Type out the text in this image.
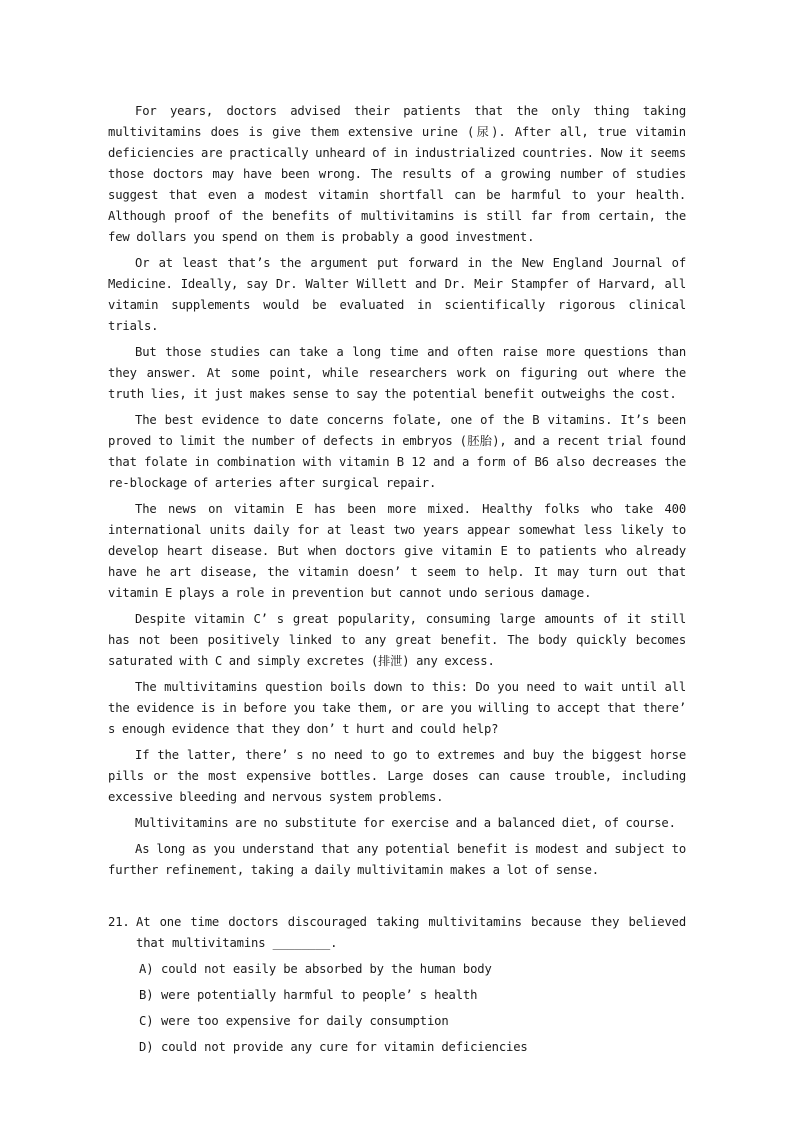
For years, doctors advised their patients that the only thing taking multivitamins does is give them extensive urine (尿). After all, true vitamin deficiencies are practically unheard of in industrialized countries. Now it seems those doctors may have been wrong. The results of a growing number of studies suggest that even a modest vitamin shortfall can be harmful to your health. Although proof of the benefits of multivitamins is still far from certain, the few dollars you spend on them is probably a good investment.

Or at least that’s the argument put forward in the New England Journal of Medicine. Ideally, say Dr. Walter Willett and Dr. Meir Stampfer of Harvard, all vitamin supplements would be evaluated in scientifically rigorous clinical trials.

But those studies can take a long time and often raise more questions than they answer. At some point, while researchers work on figuring out where the truth lies, it just makes sense to say the potential benefit outweighs the cost.

The best evidence to date concerns folate, one of the B vitamins. It’s been proved to limit the number of defects in embryos (胚胎), and a recent trial found that folate in combination with vitamin B 12 and a form of B6 also decreases the re-blockage of arteries after surgical repair.

The news on vitamin E has been more mixed. Healthy folks who take 400 international units daily for at least two years appear somewhat less likely to develop heart disease. But when doctors give vitamin E to patients who already have he art disease, the vitamin doesn’ t seem to help. It may turn out that vitamin E plays a role in prevention but cannot undo serious damage.

Despite vitamin C’ s great popularity, consuming large amounts of it still has not been positively linked to any great benefit. The body quickly becomes saturated with C and simply excretes (排泄) any excess.

The multivitamins question boils down to this: Do you need to wait until all the evidence is in before you take them, or are you willing to accept that there’ s enough evidence that they don’ t hurt and could help?

If the latter, there’ s no need to go to extremes and buy the biggest horse pills or the most expensive bottles. Large doses can cause trouble, including excessive bleeding and nervous system problems.

Multivitamins are no substitute for exercise and a balanced diet, of course.

As long as you understand that any potential benefit is modest and subject to further refinement, taking a daily multivitamin makes a lot of sense.

21. At one time doctors discouraged taking multivitamins because they believed that multivitamins ________.
A) could not easily be absorbed by the human body
B) were potentially harmful to people’ s health
C) were too expensive for daily consumption
D) could not provide any cure for vitamin deficiencies
